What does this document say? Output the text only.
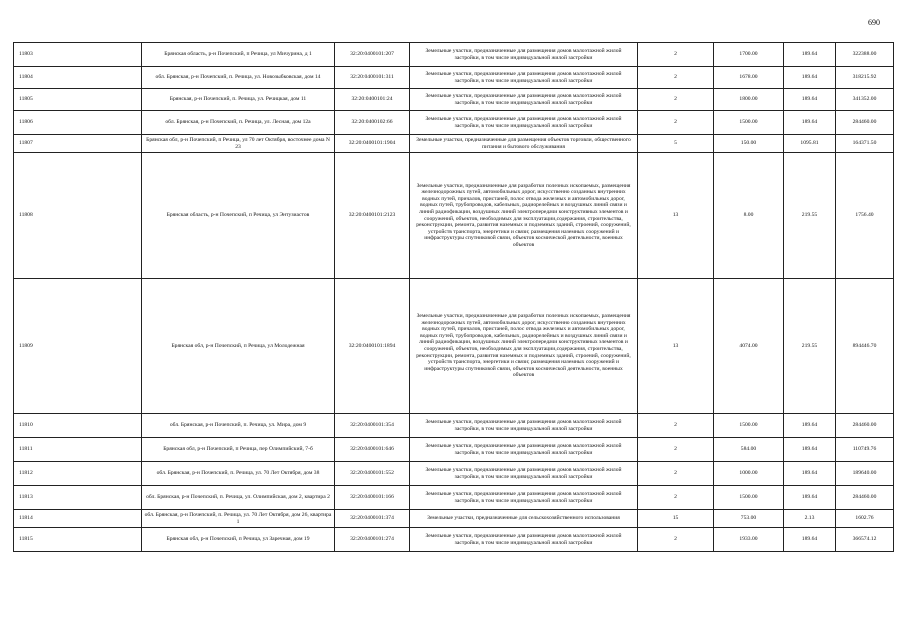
690
11803	Брянская область, р-н Почепский, п Речица, ул Мичурина, д 1	32:20:0400101:207	Земельные участки, предназначенные для размещения домов малоэтажной жилой застройки, в том числе индивидуальной жилой застройки	2	1700.00	189.64	322388.00
11804	обл. Брянская, р-н Почепский, п. Речица, ул. Новозыбковская, дом 14	32:20:0400101:311	Земельные участки, предназначенные для размещения домов малоэтажной жилой застройки, в том числе индивидуальной жилой застройки	2	1678.00	189.64	318215.92
11805	Брянская, р-н Почепский, п. Речица, ул. Речицкая, дом 11	32:20:0400101:24	Земельные участки, предназначенные для размещения домов малоэтажной жилой застройки, в том числе индивидуальной жилой застройки	2	1800.00	189.64	341352.00
11806	обл. Брянская, р-н Почепский, п. Речица, ул. Лесная, дом 12а	32:20:0400102:66	Земельные участки, предназначенные для размещения домов малоэтажной жилой застройки, в том числе индивидуальной жилой застройки	2	1500.00	189.64	284460.00
11807	Брянская обл, р-н Почепский, п Речица, ул 70 лет Октября, восточнее дома N 23	32:20:0400101:1904	Земельные участки, предназначенные для размещения объектов торговли, общественного питания и бытового обслуживания	5	150.00	1095.81	164371.50
11808	Брянская область, р-н Почепский, п Речица, ул Энтузиастов	32:20:0400101:2123	Земельные участки, предназначенные для разработки полезных ископаемых, размещения железнодорожных путей, автомобильных дорог, искусственно созданных внутренних водных путей, причалов, пристаней, полос отвода железных и автомобильных дорог, водных путей, трубопроводов, кабельных, радиорелейных и воздушных линий связи и линий радиофикации, воздушных линий электропередачи конструктивных элементов и сооружений, объектов, необходимых для эксплуатации,содержания, строительства, реконструкции, ремонта, развития наземных и подземных зданий, строений, сооружений, устройств транспорта, энергетики и связи; размещения наземных сооружений и инфраструктуры спутниковой связи, объектов космической деятельности, военных объектов	13	8.00	219.55	1756.40
11809	Брянская обл, р-н Почепский, п Речица, ул Молодежная	32:20:0400101:1894	Земельные участки, предназначенные для разработки полезных ископаемых, размещения железнодорожных путей, автомобильных дорог, искусственно созданных внутренних водных путей, причалов, пристаней, полос отвода железных и автомобильных дорог, водных путей, трубопроводов, кабельных, радиорелейных и воздушных линий связи и линий радиофикации, воздушных линий электропередачи конструктивных элементов и сооружений, объектов, необходимых для эксплуатации,содержания, строительства, реконструкции, ремонта, развития наземных и подземных зданий, строений, сооружений, устройств транспорта, энергетики и связи; размещения наземных сооружений и инфраструктуры спутниковой связи, объектов космической деятельности, военных объектов	13	4074.00	219.55	894446.70
11810	обл. Брянская, р-н Почепский, п. Речица, ул. Мира, дом 9	32:20:0400101:354	Земельные участки, предназначенные для размещения домов малоэтажной жилой застройки, в том числе индивидуальной жилой застройки	2	1500.00	189.64	284460.00
11811	Брянская обл, р-н Почепский, п Речица, пер Олимпийский, 7-б	32:20:0400101:646	Земельные участки, предназначенные для размещения домов малоэтажной жилой застройки, в том числе индивидуальной жилой застройки	2	584.00	189.64	110749.76
11812	обл. Брянская, р-н Почепский, п. Речица, ул. 70 Лет Октября, дом 38	32:20:0400101:552	Земельные участки, предназначенные для размещения домов малоэтажной жилой застройки, в том числе индивидуальной жилой застройки	2	1000.00	189.64	189640.00
11813	обл. Брянская, р-н Почепский, п. Речица, ул. Олимпийская, дом 2, квартира 2	32:20:0400101:166	Земельные участки, предназначенные для размещения домов малоэтажной жилой застройки, в том числе индивидуальной жилой застройки	2	1500.00	189.64	284460.00
11814	обл. Брянская, р-н Почепский, п. Речица, ул. 70 Лет Октября, дом 26, квартира 1	32:20:0400101:374	Земельные участки, предназначенные для сельскохозяйственного использования	15	753.00	2.13	1602.76
11815	Брянская обл, р-н Почепский, п Речица, ул Заречная, дом 19	32:20:0400101:274	Земельные участки, предназначенные для размещения домов малоэтажной жилой застройки, в том числе индивидуальной жилой застройки	2	1933.00	189.64	366574.12
